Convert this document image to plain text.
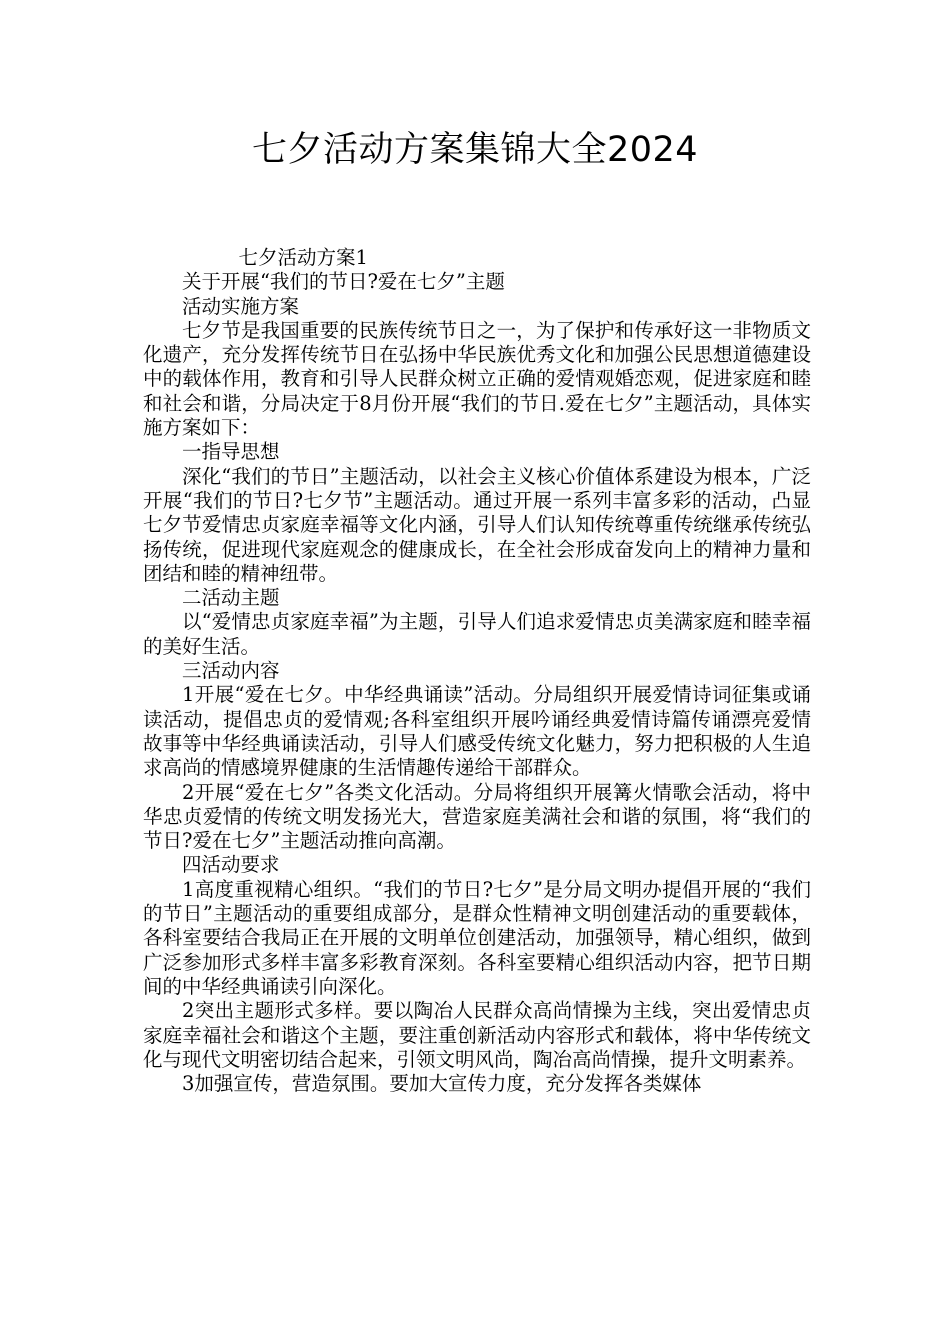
七夕活动方案集锦大全2024

七夕活动方案1

关于开展“我们的节日?爱在七夕”主题

活动实施方案

七夕节是我国重要的民族传统节日之一，为了保护和传承好这一非物质文化遗产，充分发挥传统节日在弘扬中华民族优秀文化和加强公民思想道德建设中的载体作用，教育和引导人民群众树立正确的爱情观婚恋观，促进家庭和睦和社会和谐，分局决定于8月份开展“我们的节日.爱在七夕”主题活动，具体实施方案如下：

一指导思想

深化“我们的节日”主题活动，以社会主义核心价值体系建设为根本，广泛开展“我们的节日?七夕节”主题活动。通过开展一系列丰富多彩的活动，凸显七夕节爱情忠贞家庭幸福等文化内涵，引导人们认知传统尊重传统继承传统弘扬传统，促进现代家庭观念的健康成长，在全社会形成奋发向上的精神力量和团结和睦的精神纽带。

二活动主题

以“爱情忠贞家庭幸福”为主题，引导人们追求爱情忠贞美满家庭和睦幸福的美好生活。

三活动内容

1开展“爱在七夕。中华经典诵读”活动。分局组织开展爱情诗词征集或诵读活动，提倡忠贞的爱情观;各科室组织开展吟诵经典爱情诗篇传诵漂亮爱情故事等中华经典诵读活动，引导人们感受传统文化魅力，努力把积极的人生追求高尚的情感境界健康的生活情趣传递给干部群众。

2开展“爱在七夕”各类文化活动。分局将组织开展篝火情歌会活动，将中华忠贞爱情的传统文明发扬光大，营造家庭美满社会和谐的氛围，将“我们的节日?爱在七夕”主题活动推向高潮。

四活动要求

1高度重视精心组织。“我们的节日?七夕”是分局文明办提倡开展的“我们的节日”主题活动的重要组成部分，是群众性精神文明创建活动的重要载体，各科室要结合我局正在开展的文明单位创建活动，加强领导，精心组织，做到广泛参加形式多样丰富多彩教育深刻。各科室要精心组织活动内容，把节日期间的中华经典诵读引向深化。

2突出主题形式多样。要以陶冶人民群众高尚情操为主线，突出爱情忠贞家庭幸福社会和谐这个主题，要注重创新活动内容形式和载体，将中华传统文化与现代文明密切结合起来，引领文明风尚，陶冶高尚情操，提升文明素养。

3加强宣传，营造氛围。要加大宣传力度，充分发挥各类媒体
